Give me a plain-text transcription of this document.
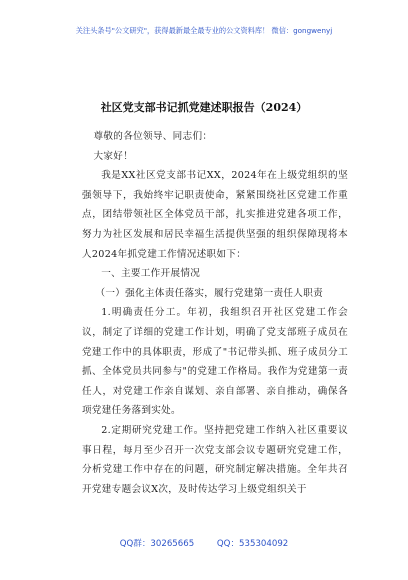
关注头条号"公文研究"，获得最新最全最专业的公文资料库！ 微信：gongwenyj
社区党支部书记抓党建述职报告（2024）

尊敬的各位领导、同志们：

大家好！

我是XX社区党支部书记XX，2024年在上级党组织的坚强领导下，我始终牢记职责使命，紧紧围绕社区党建工作重点，团结带领社区全体党员干部，扎实推进党建各项工作，努力为社区发展和居民幸福生活提供坚强的组织保障现将本人2024年抓党建工作情况述职如下：

一、主要工作开展情况

（一）强化主体责任落实，履行党建第一责任人职责

1.明确责任分工。年初，我组织召开社区党建工作会议，制定了详细的党建工作计划，明确了党支部班子成员在党建工作中的具体职责，形成了"书记带头抓、班子成员分工抓、全体党员共同参与"的党建工作格局。我作为党建第一责任人，对党建工作亲自谋划、亲自部署、亲自推动，确保各项党建任务落到实处。

2.定期研究党建工作。坚持把党建工作纳入社区重要议事日程，每月至少召开一次党支部会议专题研究党建工作，分析党建工作中存在的问题，研究制定解决措施。全年共召开党建专题会议X次，及时传达学习上级党组织关于

QQ群：30265665	QQ：535304092
